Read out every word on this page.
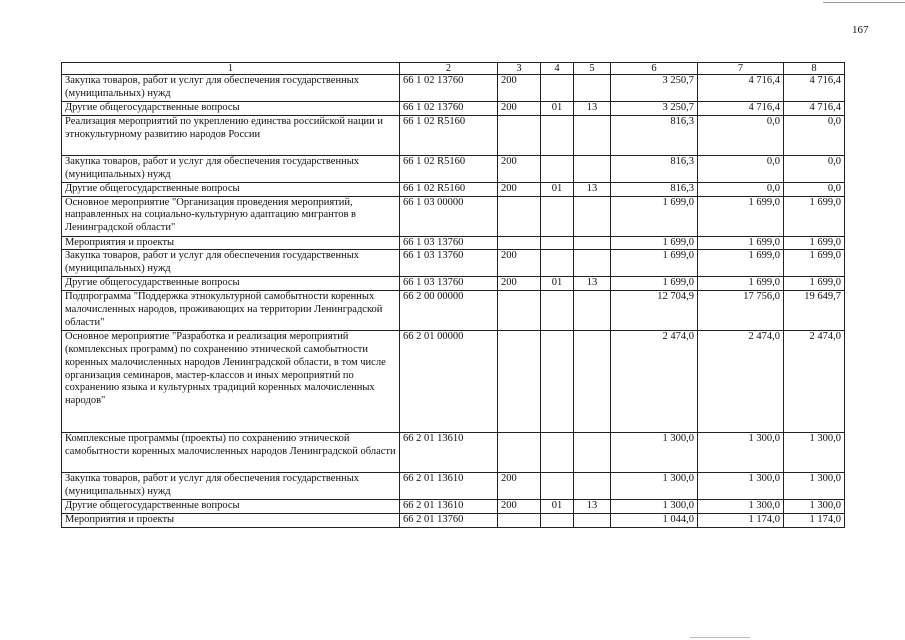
167
1	2	3	4	5	6	7	8
Закупка товаров, работ и услуг для обеспечения государственных (муниципальных) нужд	66 1 02 13760	200			3 250,7	4 716,4	4 716,4
Другие общегосударственные вопросы	66 1 02 13760	200	01	13	3 250,7	4 716,4	4 716,4
Реализация мероприятий по укреплению единства российской нации и этнокультурному развитию народов России	66 1 02 R5160				816,3	0,0	0,0
Закупка товаров, работ и услуг для обеспечения государственных (муниципальных) нужд	66 1 02 R5160	200			816,3	0,0	0,0
Другие общегосударственные вопросы	66 1 02 R5160	200	01	13	816,3	0,0	0,0
Основное мероприятие "Организация проведения мероприятий, направленных на социально-культурную адаптацию мигрантов в Ленинградской области"	66 1 03 00000				1 699,0	1 699,0	1 699,0
Мероприятия и проекты	66 1 03 13760				1 699,0	1 699,0	1 699,0
Закупка товаров, работ и услуг для обеспечения государственных (муниципальных) нужд	66 1 03 13760	200			1 699,0	1 699,0	1 699,0
Другие общегосударственные вопросы	66 1 03 13760	200	01	13	1 699,0	1 699,0	1 699,0
Подпрограмма "Поддержка этнокультурной самобытности коренных малочисленных народов, проживающих на территории Ленинградской области"	66 2 00 00000				12 704,9	17 756,0	19 649,7
Основное мероприятие "Разработка и реализация мероприятий (комплексных программ) по сохранению этнической самобытности коренных малочисленных народов Ленинградской области, в том числе организация семинаров, мастер-классов и иных мероприятий по сохранению языка и культурных традиций коренных малочисленных народов"	66 2 01 00000				2 474,0	2 474,0	2 474,0
Комплексные программы (проекты) по сохранению этнической самобытности коренных малочисленных народов Ленинградской области	66 2 01 13610				1 300,0	1 300,0	1 300,0
Закупка товаров, работ и услуг для обеспечения государственных (муниципальных) нужд	66 2 01 13610	200			1 300,0	1 300,0	1 300,0
Другие общегосударственные вопросы	66 2 01 13610	200	01	13	1 300,0	1 300,0	1 300,0
Мероприятия и проекты	66 2 01 13760				1 044,0	1 174,0	1 174,0
